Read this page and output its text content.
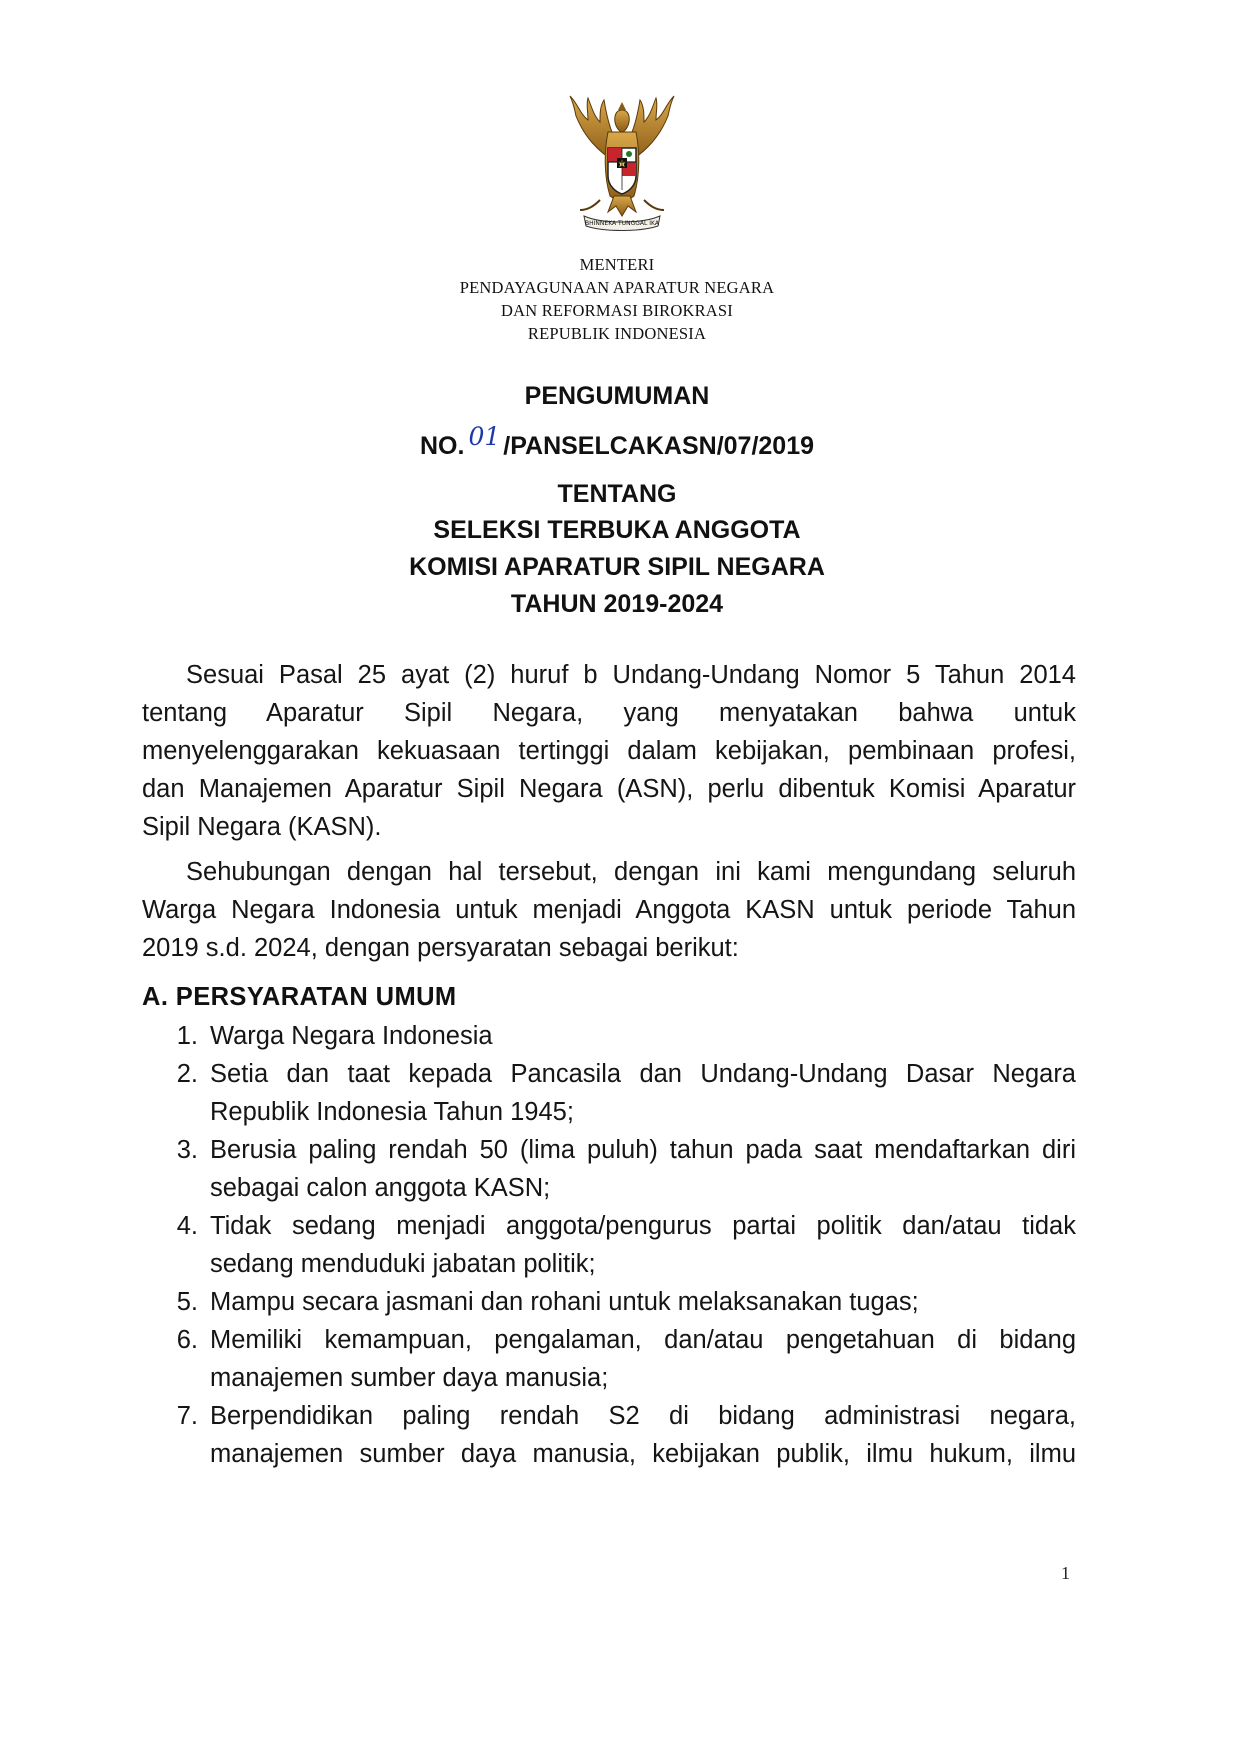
BHINNEKA TUNGGAL IKA
MENTERI
PENDAYAGUNAAN APARATUR NEGARA
DAN REFORMASI BIROKRASI
REPUBLIK INDONESIA
PENGUMUMAN
NO. 01 /PANSELCAKASN/07/2019
TENTANG
SELEKSI TERBUKA ANGGOTA
KOMISI APARATUR SIPIL NEGARA
TAHUN 2019-2024
Sesuai Pasal 25 ayat (2) huruf b Undang-Undang Nomor 5 Tahun 2014
tentang Aparatur Sipil Negara, yang menyatakan bahwa untuk
menyelenggarakan kekuasaan tertinggi dalam kebijakan, pembinaan profesi,
dan Manajemen Aparatur Sipil Negara (ASN), perlu dibentuk Komisi Aparatur
Sipil Negara (KASN).
Sehubungan dengan hal tersebut, dengan ini kami mengundang seluruh
Warga Negara Indonesia untuk menjadi Anggota KASN untuk periode Tahun
2019 s.d. 2024, dengan persyaratan sebagai berikut:
A. PERSYARATAN UMUM
1. Warga Negara Indonesia
2. Setia dan taat kepada Pancasila dan Undang-Undang Dasar Negara
Republik Indonesia Tahun 1945;
3. Berusia paling rendah 50 (lima puluh) tahun pada saat mendaftarkan diri
sebagai calon anggota KASN;
4. Tidak sedang menjadi anggota/pengurus partai politik dan/atau tidak
sedang menduduki jabatan politik;
5. Mampu secara jasmani dan rohani untuk melaksanakan tugas;
6. Memiliki kemampuan, pengalaman, dan/atau pengetahuan di bidang
manajemen sumber daya manusia;
7. Berpendidikan paling rendah S2 di bidang administrasi negara,
manajemen sumber daya manusia, kebijakan publik, ilmu hukum, ilmu
1
